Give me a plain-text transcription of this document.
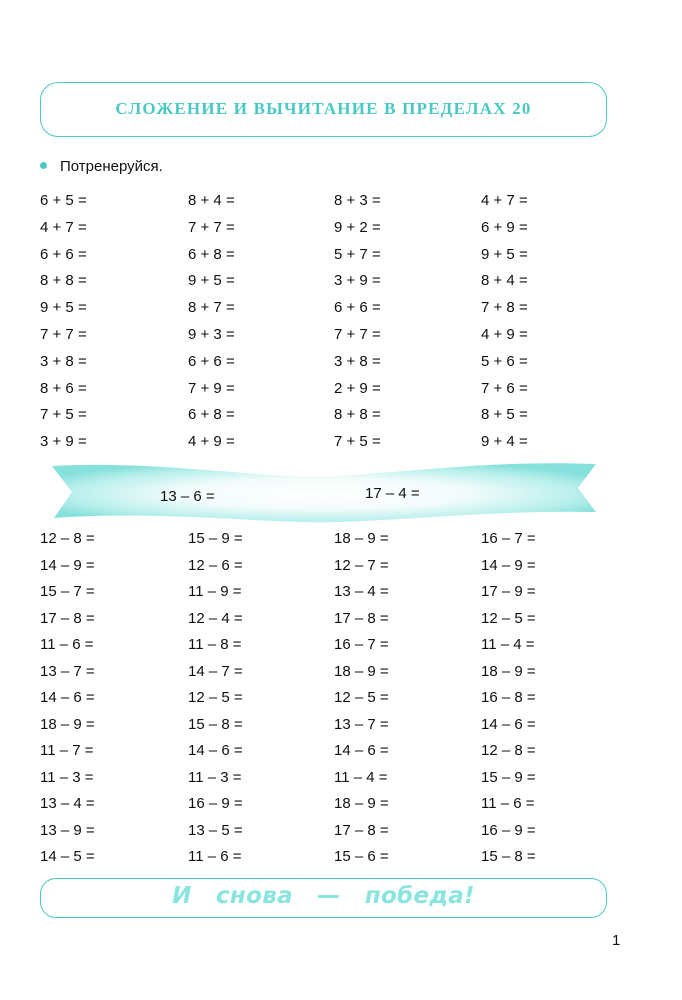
СЛОЖЕНИЕ И ВЫЧИТАНИЕ В ПРЕДЕЛАХ 20
Потренеруйся.
6 + 5 =
4 + 7 =
6 + 6 =
8 + 8 =
9 + 5 =
7 + 7 =
3 + 8 =
8 + 6 =
7 + 5 =
3 + 9 =
8 + 4 =
7 + 7 =
6 + 8 =
9 + 5 =
8 + 7 =
9 + 3 =
6 + 6 =
7 + 9 =
6 + 8 =
4 + 9 =
8 + 3 =
9 + 2 =
5 + 7 =
3 + 9 =
6 + 6 =
7 + 7 =
3 + 8 =
2 + 9 =
8 + 8 =
7 + 5 =
4 + 7 =
6 + 9 =
9 + 5 =
8 + 4 =
7 + 8 =
4 + 9 =
5 + 6 =
7 + 6 =
8 + 5 =
9 + 4 =
13 – 6 =	17 – 4 =
12 – 8 =
14 – 9 =
15 – 7 =
17 – 8 =
11 – 6 =
13 – 7 =
14 – 6 =
18 – 9 =
11 – 7 =
11 – 3 =
13 – 4 =
13 – 9 =
14 – 5 =
15 – 9 =
12 – 6 =
11 – 9 =
12 – 4 =
11 – 8 =
14 – 7 =
12 – 5 =
15 – 8 =
14 – 6 =
11 – 3 =
16 – 9 =
13 – 5 =
11 – 6 =
18 – 9 =
12 – 7 =
13 – 4 =
17 – 8 =
16 – 7 =
18 – 9 =
12 – 5 =
13 – 7 =
14 – 6 =
11 – 4 =
18 – 9 =
17 – 8 =
15 – 6 =
16 – 7 =
14 – 9 =
17 – 9 =
12 – 5 =
11 – 4 =
18 – 9 =
16 – 8 =
14 – 6 =
12 – 8 =
15 – 9 =
11 – 6 =
16 – 9 =
15 – 8 =
И снова — победа!
1
